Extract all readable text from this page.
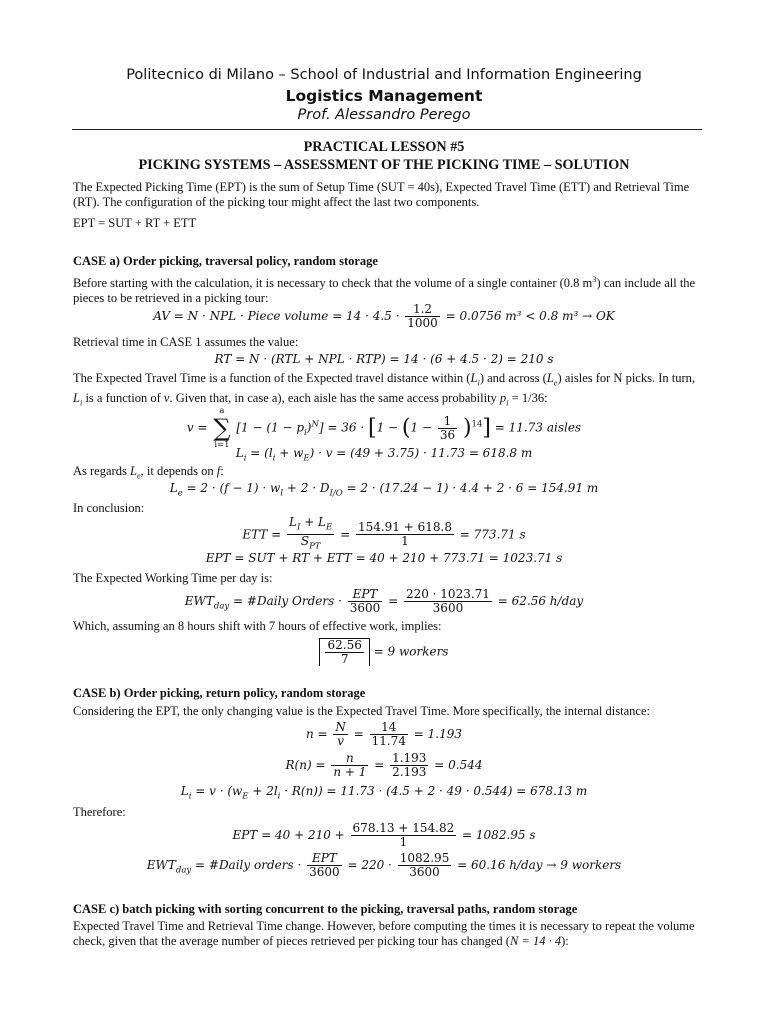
Politecnico di Milano – School of Industrial and Information Engineering
Logistics Management
Prof. Alessandro Perego
PRACTICAL LESSON #5
PICKING SYSTEMS – ASSESSMENT OF THE PICKING TIME – SOLUTION
The Expected Picking Time (EPT) is the sum of Setup Time (SUT = 40s), Expected Travel Time (ETT) and Retrieval Time (RT). The configuration of the picking tour might affect the last two components.
EPT = SUT + RT + ETT
CASE a) Order picking, traversal policy, random storage
Before starting with the calculation, it is necessary to check that the volume of a single container (0.8 $m^3$) can include all the pieces to be retrieved in a picking tour:
AV = N · NPL · Piece volume = $14 \cdot 4.5 \cdot \frac{1.2}{1000} = 0.0756$ m³ < 0.8 m³ → OK
Retrieval time in CASE 1 assumes the value:
RT = N · (RTL + NPL · RTP) = 14 · (6 + 4.5 · 2) = 210 s
The Expected Travel Time is a function of the Expected travel distance within $(L_i)$ and across $(L_e)$ aisles for N picks. In turn, $L_i$ is a function of v. Given that, in case a), each aisle has the same access probability $p_i = 1/36$:
v =
a
∑
i=1
$[1 - (1 - p_i)^N] = 36 \cdot [1 - (1 - \frac{1}{36} )^{14}] = 11.73$ aisles
$L_i = (l_i + w_E) \cdot v = (49 + 3.75) \cdot 11.73 = 618.8$ m
As regards $L_e$, it depends on f:
$L_e = 2 \cdot (f - 1) \cdot w_l + 2 \cdot D_{I/O} = 2 \cdot (17.24 - 1) \cdot 4.4 + 2 \cdot 6 = 154.91$ m
In conclusion:
ETT = $\frac{L_I + L_E}{S_{PT}} = \frac{154.91 + 618.8}{1} = 773.71$ s
EPT = SUT + RT + ETT = 40 + 210 + 773.71 = 1023.71 s
The Expected Working Time per day is:
$EWT_{day}$ = #Daily Orders · $\frac{\text{EPT}}{3600} = \frac{220 \cdot 1023.71}{3600} = 62.56$ h/day
Which, assuming an 8 hours shift with 7 hours of effective work, implies:
$\frac{62.56}{7} = 9$ workers
CASE b) Order picking, return policy, random storage
Considering the EPT, the only changing value is the Expected Travel Time. More specifically, the internal distance:
$n = \frac{N}{v} = \frac{14}{11.74} = 1.193$
$R(n) = \frac{n}{n + 1} = \frac{1.193}{2.193} = 0.544$
$L_i = v \cdot (w_E + 2l_i \cdot R(n)) = 11.73 \cdot (4.5 + 2 \cdot 49 \cdot 0.544) = 678.13$ m
Therefore:
EPT = $40 + 210 + \frac{678.13 + 154.82}{1} = 1082.95$ s
$EWT_{day}$ = #Daily orders · $\frac{\text{EPT}}{3600} = 220 \cdot \frac{1082.95}{3600} = 60.16$ h/day → 9 workers
CASE c) batch picking with sorting concurrent to the picking, traversal paths, random storage
Expected Travel Time and Retrieval Time change. However, before computing the times it is necessary to repeat the volume check, given that the average number of pieces retrieved per picking tour has changed (N = 14 · 4):
